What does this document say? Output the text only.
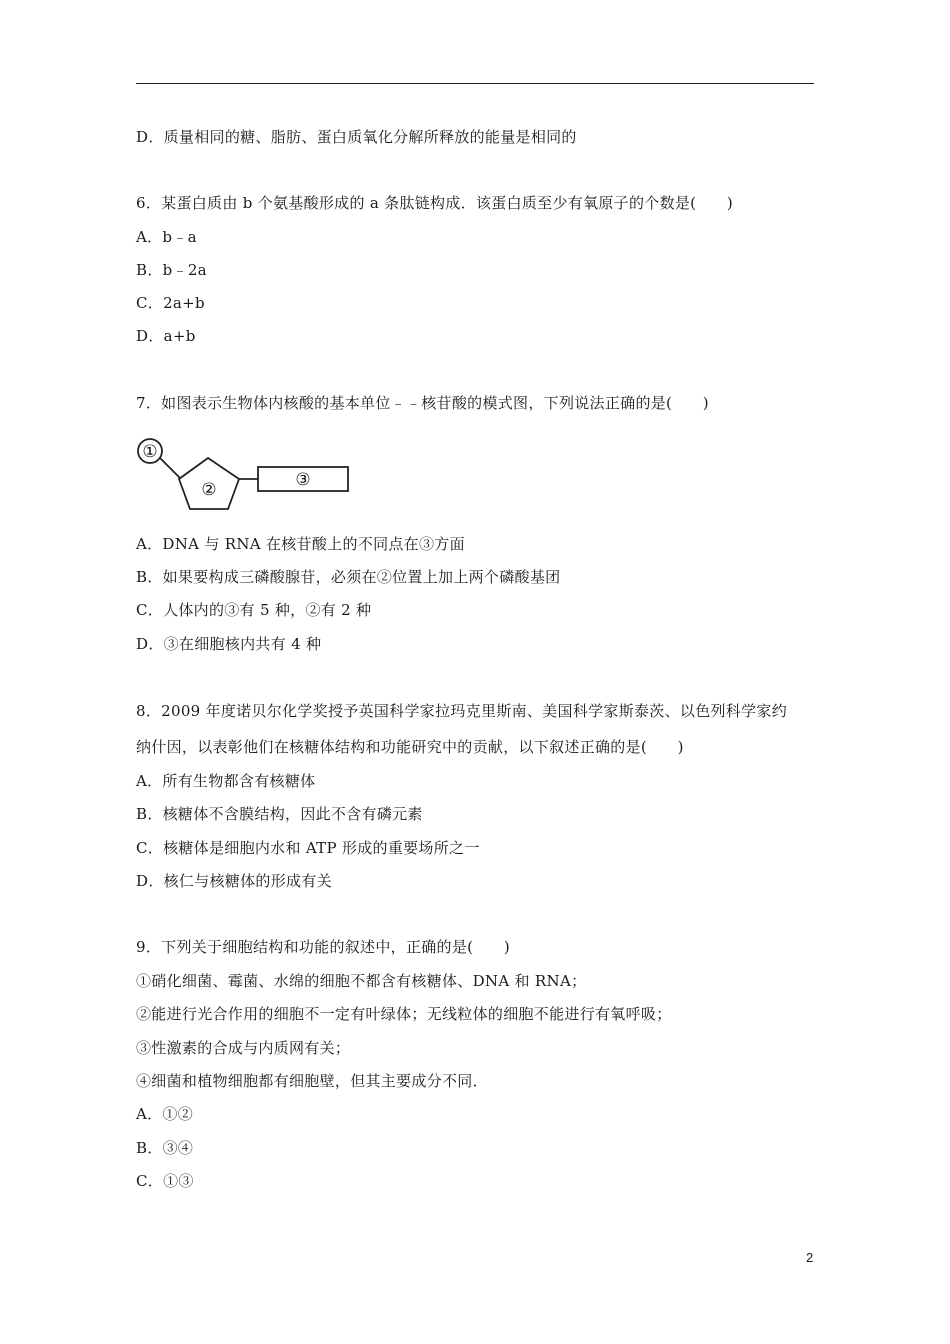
D．质量相同的糖、脂肪、蛋白质氧化分解所释放的能量是相同的
6．某蛋白质由 b 个氨基酸形成的 a 条肽链构成．该蛋白质至少有氧原子的个数是(　　)
A．b﹣a
B．b﹣2a
C．2a+b
D．a+b
7．如图表示生物体内核酸的基本单位﹣﹣核苷酸的模式图，下列说法正确的是(　　)
①
②	③
A．DNA 与 RNA 在核苷酸上的不同点在③方面
B．如果要构成三磷酸腺苷，必须在②位置上加上两个磷酸基团
C．人体内的③有 5 种，②有 2 种
D．③在细胞核内共有 4 种
8．2009 年度诺贝尔化学奖授予英国科学家拉玛克里斯南、美国科学家斯泰茨、以色列科学家约
纳什因，以表彰他们在核糖体结构和功能研究中的贡献，以下叙述正确的是(　　)
A．所有生物都含有核糖体
B．核糖体不含膜结构，因此不含有磷元素
C．核糖体是细胞内水和 ATP 形成的重要场所之一
D．核仁与核糖体的形成有关
9．下列关于细胞结构和功能的叙述中，正确的是(　　)
①硝化细菌、霉菌、水绵的细胞不都含有核糖体、DNA 和 RNA；
②能进行光合作用的细胞不一定有叶绿体；无线粒体的细胞不能进行有氧呼吸；
③性激素的合成与内质网有关；
④细菌和植物细胞都有细胞壁，但其主要成分不同．
A．①②
B．③④
C．①③
2
